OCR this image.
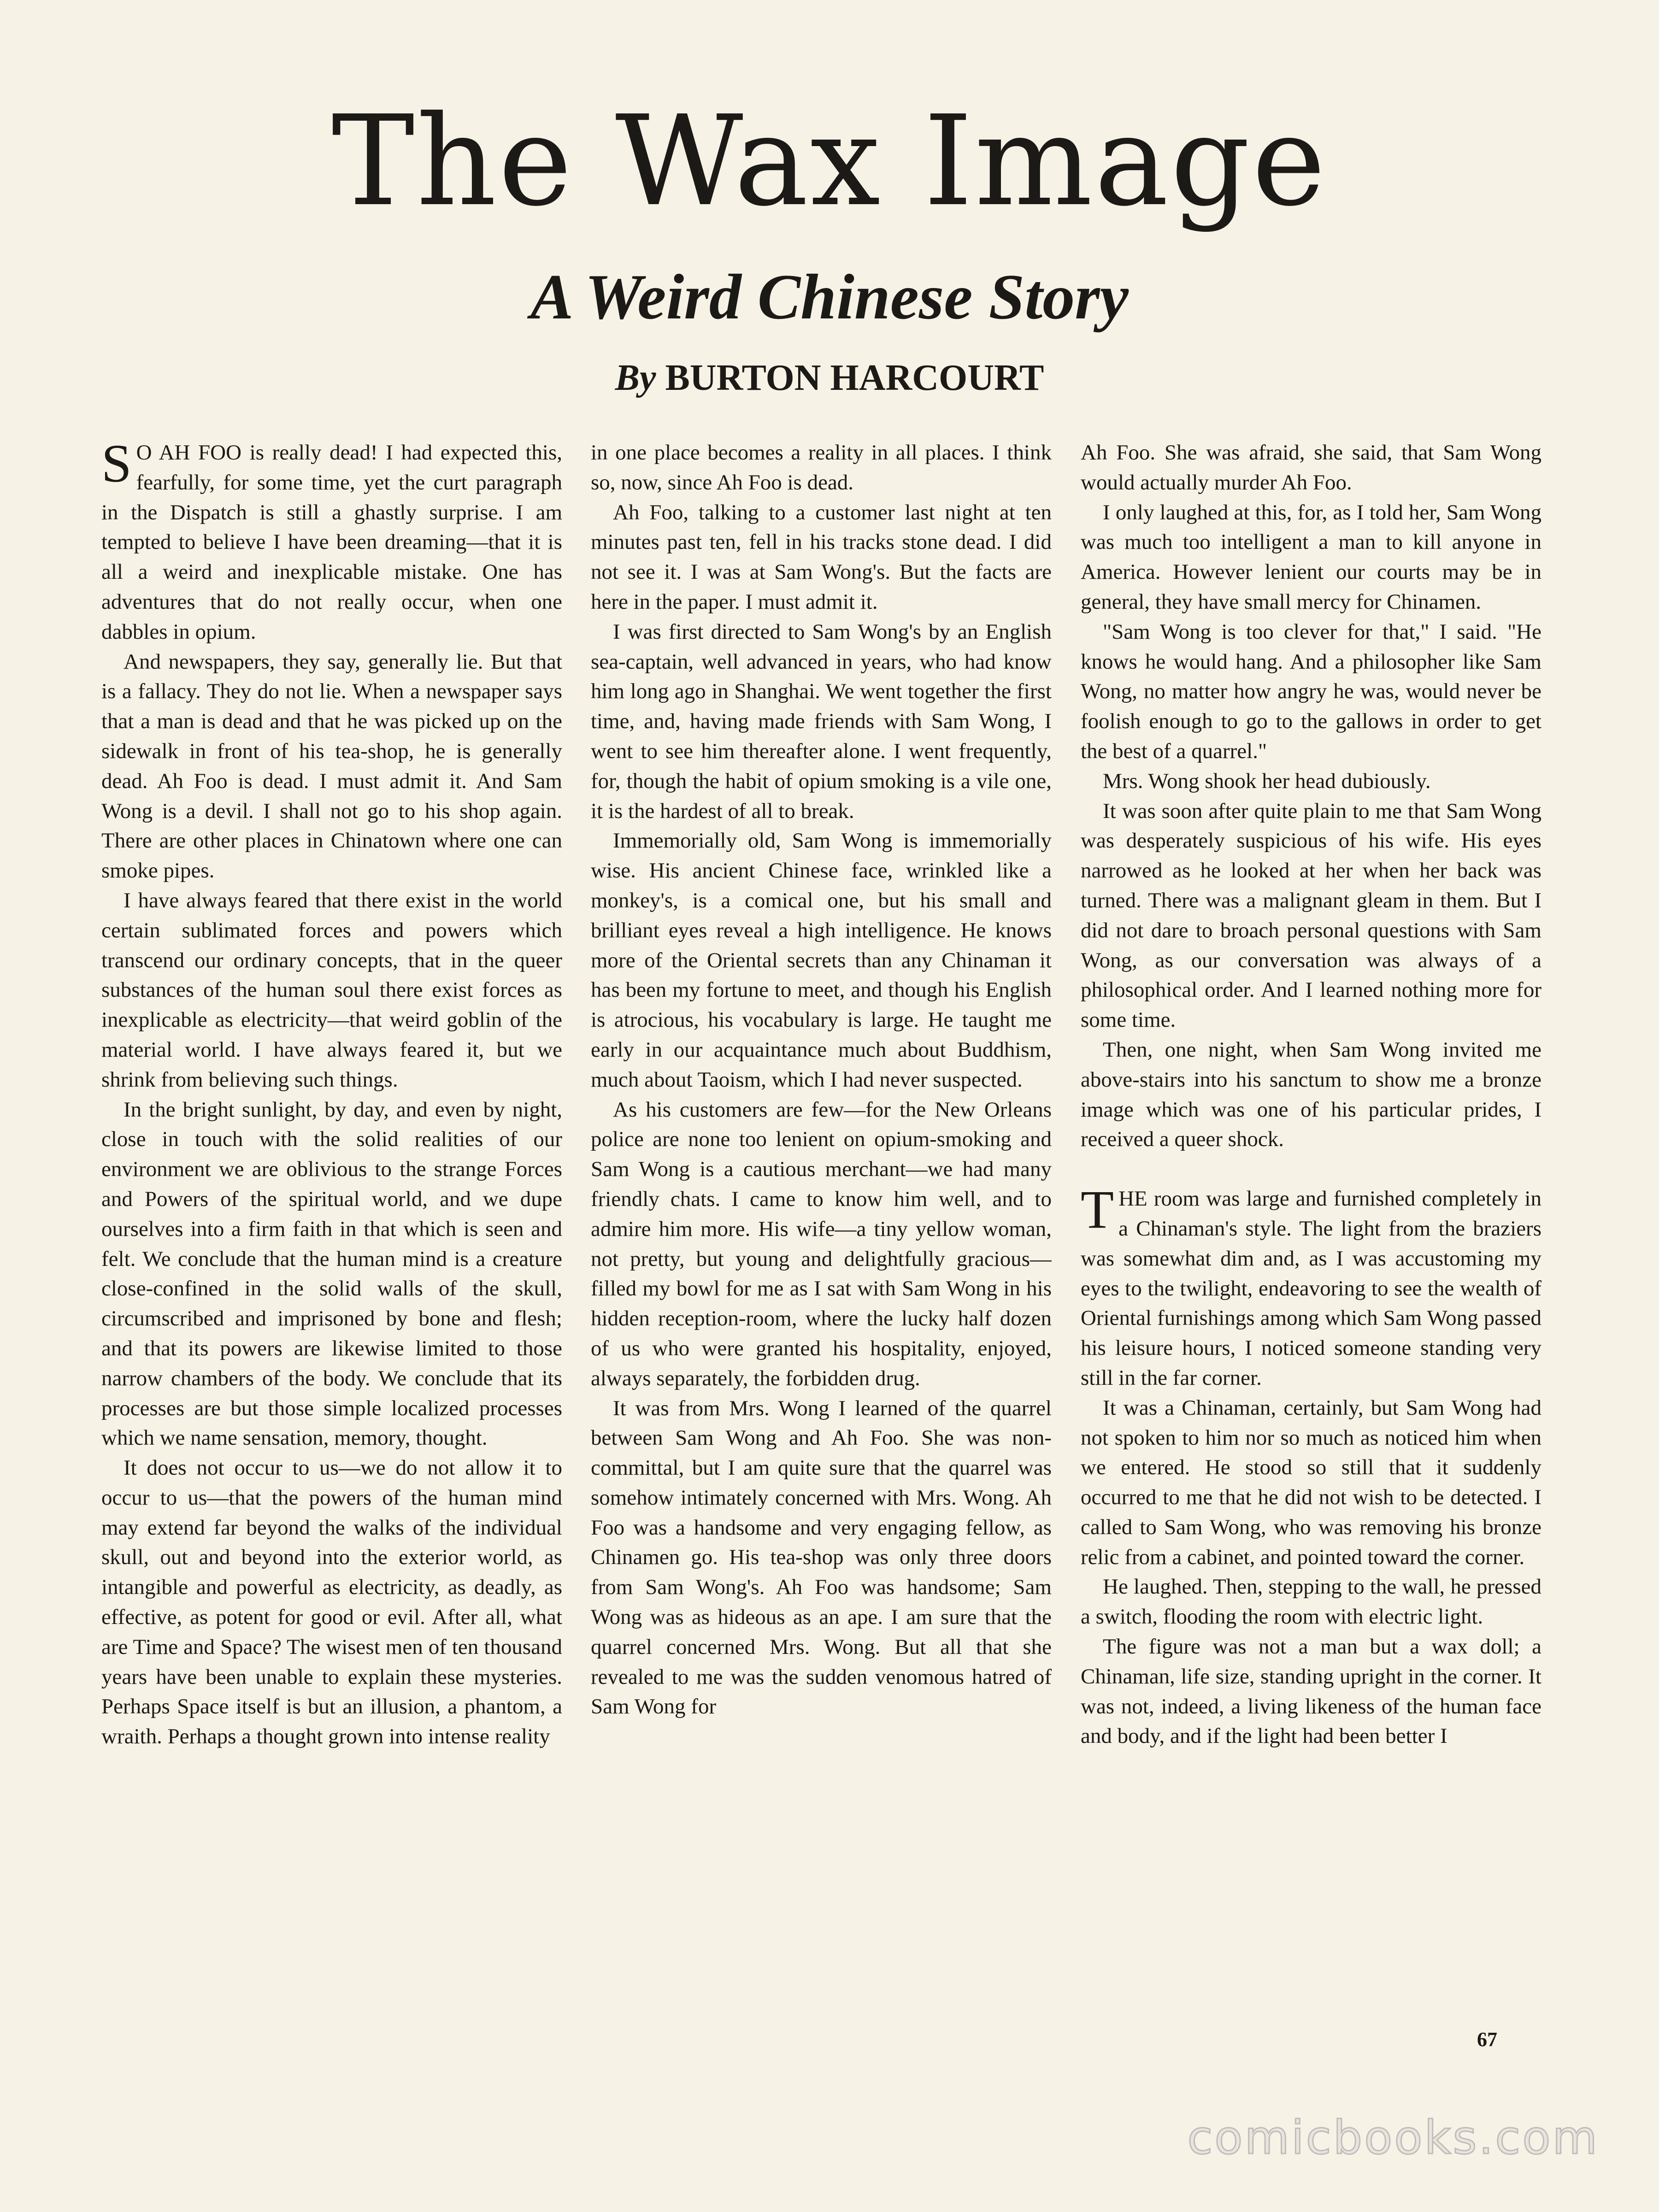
The Wax Image
A Weird Chinese Story
By BURTON HARCOURT

S O AH FOO is really dead! I had expected this, fearfully, for some time, yet the curt paragraph in the Dispatch is still a ghastly surprise. I am tempted to believe I have been dreaming—that it is all a weird and inexplicable mistake. One has adventures that do not really occur, when one dabbles in opium.

And newspapers, they say, generally lie. But that is a fallacy. They do not lie. When a newspaper says that a man is dead and that he was picked up on the sidewalk in front of his tea-shop, he is generally dead. Ah Foo is dead. I must admit it. And Sam Wong is a devil. I shall not go to his shop again. There are other places in Chinatown where one can smoke pipes.

I have always feared that there exist in the world certain sublimated forces and powers which transcend our ordinary concepts, that in the queer substances of the human soul there exist forces as inexplicable as electricity—that weird goblin of the material world. I have always feared it, but we shrink from believing such things.

In the bright sunlight, by day, and even by night, close in touch with the solid realities of our environment we are oblivious to the strange Forces and Powers of the spiritual world, and we dupe ourselves into a firm faith in that which is seen and felt. We conclude that the human mind is a creature close-confined in the solid walls of the skull, circumscribed and imprisoned by bone and flesh; and that its powers are likewise limited to those narrow chambers of the body. We conclude that its processes are but those simple localized processes which we name sensation, memory, thought.

It does not occur to us—we do not allow it to occur to us—that the powers of the human mind may extend far beyond the walks of the individual skull, out and beyond into the exterior world, as intangible and powerful as electricity, as deadly, as effective, as potent for good or evil. After all, what are Time and Space? The wisest men of ten thousand years have been unable to explain these mysteries. Perhaps Space itself is but an illusion, a phantom, a wraith. Perhaps a thought grown into intense reality

in one place becomes a reality in all places. I think so, now, since Ah Foo is dead.

Ah Foo, talking to a customer last night at ten minutes past ten, fell in his tracks stone dead. I did not see it. I was at Sam Wong's. But the facts are here in the paper. I must admit it.

I was first directed to Sam Wong's by an English sea-captain, well advanced in years, who had know him long ago in Shanghai. We went together the first time, and, having made friends with Sam Wong, I went to see him thereafter alone. I went frequently, for, though the habit of opium smoking is a vile one, it is the hardest of all to break.

Immemorially old, Sam Wong is immemorially wise. His ancient Chinese face, wrinkled like a monkey's, is a comical one, but his small and brilliant eyes reveal a high intelligence. He knows more of the Oriental secrets than any Chinaman it has been my fortune to meet, and though his English is atrocious, his vocabulary is large. He taught me early in our acquaintance much about Buddhism, much about Taoism, which I had never suspected.

As his customers are few—for the New Orleans police are none too lenient on opium-smoking and Sam Wong is a cautious merchant—we had many friendly chats. I came to know him well, and to admire him more. His wife—a tiny yellow woman, not pretty, but young and delightfully gracious—filled my bowl for me as I sat with Sam Wong in his hidden reception-room, where the lucky half dozen of us who were granted his hospitality, enjoyed, always separately, the forbidden drug.

It was from Mrs. Wong I learned of the quarrel between Sam Wong and Ah Foo. She was non-committal, but I am quite sure that the quarrel was somehow intimately concerned with Mrs. Wong. Ah Foo was a handsome and very engaging fellow, as Chinamen go. His tea-shop was only three doors from Sam Wong's. Ah Foo was handsome; Sam Wong was as hideous as an ape. I am sure that the quarrel concerned Mrs. Wong. But all that she revealed to me was the sudden venomous hatred of Sam Wong for

Ah Foo. She was afraid, she said, that Sam Wong would actually murder Ah Foo.

I only laughed at this, for, as I told her, Sam Wong was much too intelligent a man to kill anyone in America. However lenient our courts may be in general, they have small mercy for Chinamen.

"Sam Wong is too clever for that," I said. "He knows he would hang. And a philosopher like Sam Wong, no matter how angry he was, would never be foolish enough to go to the gallows in order to get the best of a quarrel."

Mrs. Wong shook her head dubiously.

It was soon after quite plain to me that Sam Wong was desperately suspicious of his wife. His eyes narrowed as he looked at her when her back was turned. There was a malignant gleam in them. But I did not dare to broach personal questions with Sam Wong, as our conversation was always of a philosophical order. And I learned nothing more for some time.

Then, one night, when Sam Wong invited me above-stairs into his sanctum to show me a bronze image which was one of his particular prides, I received a queer shock.

THE room was large and furnished completely in a Chinaman's style. The light from the braziers was somewhat dim and, as I was accustoming my eyes to the twilight, endeavoring to see the wealth of Oriental furnishings among which Sam Wong passed his leisure hours, I noticed someone standing very still in the far corner.

It was a Chinaman, certainly, but Sam Wong had not spoken to him nor so much as noticed him when we entered. He stood so still that it suddenly occurred to me that he did not wish to be detected. I called to Sam Wong, who was removing his bronze relic from a cabinet, and pointed toward the corner.

He laughed. Then, stepping to the wall, he pressed a switch, flooding the room with electric light.

The figure was not a man but a wax doll; a Chinaman, life size, standing upright in the corner. It was not, indeed, a living likeness of the human face and body, and if the light had been better I

67
comicbooks.com
